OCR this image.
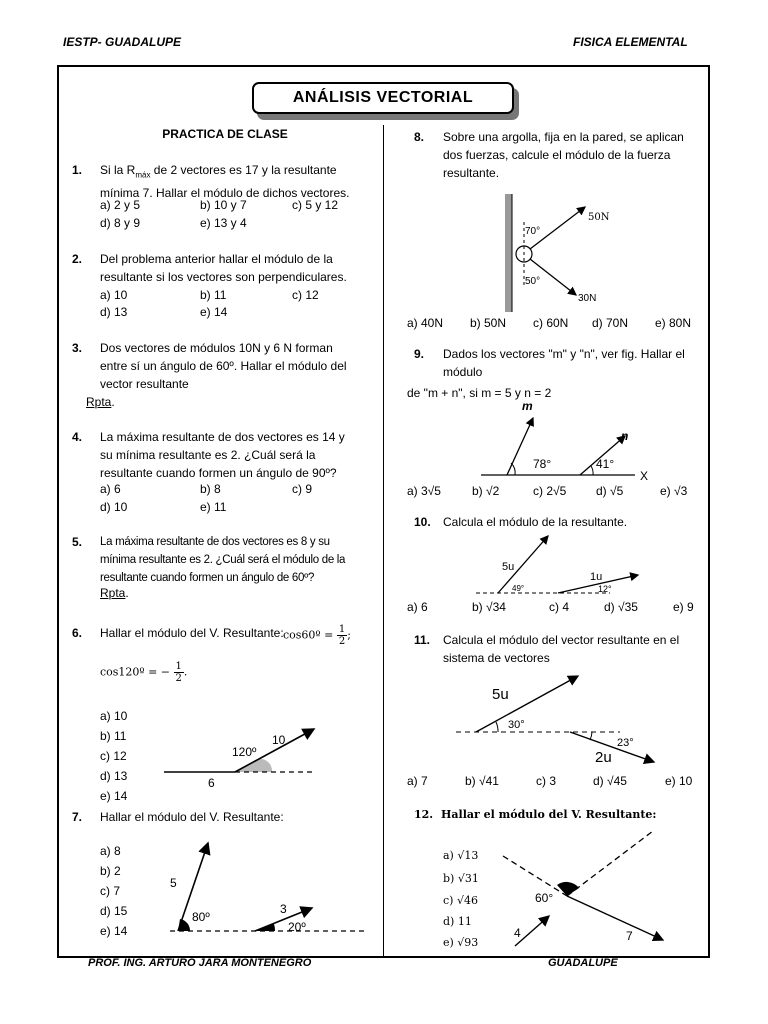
IESTP- GUADALUPE	FISICA ELEMENTAL
ANÁLISIS VECTORIAL
PRACTICA DE CLASE
1. Si la $R_{máx}$ de 2 vectores es 17 y la resultante
mínima 7. Hallar el módulo de dichos vectores.
a) 2 y 5	b) 10 y 7	c) 5 y 12
d) 8 y 9	e) 13 y 4
2. Del problema anterior hallar el módulo de la
resultante si los vectores son perpendiculares.
a) 10	b) 11	c) 12
d) 13	e) 14
3. Dos vectores de módulos 10N y 6 N forman
entre sí un ángulo de 60º. Hallar el módulo del
vector resultante
Rpta.
4. La máxima resultante de dos vectores es 14 y
su mínima resultante es 2. ¿Cuál será la
resultante cuando formen un ángulo de 90º?
a) 6	b) 8	c) 9
d) 10	e) 11
5. La máxima resultante de dos vectores es 8 y su
mínima resultante es 2. ¿Cuál será el módulo de la
resultante cuando formen un ángulo de 60º?
Rpta.
6. Hallar el módulo del V. Resultante: cos60º = $\frac{1}{2}$ ;
cos120º = − $\frac{1}{2}$ .
a) 10
b) 11
c) 12
d) 13
e) 14
120º
10
6
7. Hallar el módulo del V. Resultante:
a) 8
b) 2
c) 7
d) 15
e) 14
5
80º
3
20º
8. Sobre una argolla, fija en la pared, se aplican
dos fuerzas, calcule el módulo de la fuerza
resultante.
50N
70°
50°
30N
a) 40N b) 50N c) 60N d) 70N e) 80N
9. Dados los vectores "m" y "n", ver fig. Hallar el
módulo
de "m + n", si m = 5 y n = 2
m
n
78°	41°
X
a) 3√5	b) √2	c) 2√5 d) √5	e) √3
10. Calcula el módulo de la resultante.
5u
49°
1u
12°
a) 6	b) √34	c) 4	d) √35	e) 9
11. Calcula el módulo del vector resultante en el
sistema de vectores
5u
30°
2u
23°
a) 7	b) √41	c) 3	d) √45	e) 10
12. Hallar el módulo del V. Resultante:
a) √13
b) √31
c) √46
d) 11
e) √93
60°
4	7
PROF. ING. ARTURO JARA MONTENEGRO	GUADALUPE
